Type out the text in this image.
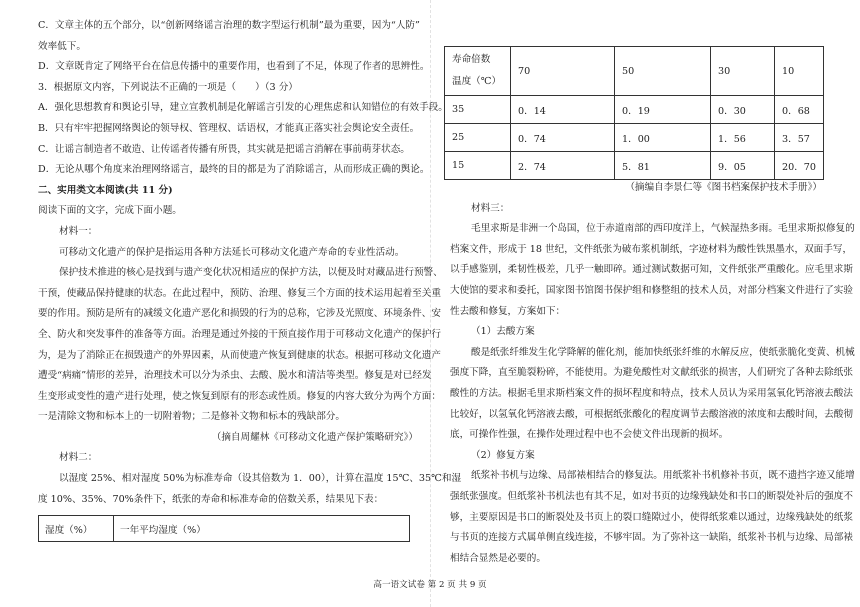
C．文章主体的五个部分，以“创新网络谣言治理的数字型运行机制”最为重要，因为“人防”
效率低下。
D．文章既肯定了网络平台在信息传播中的重要作用，也看到了不足，体现了作者的思辨性。
3．根据原文内容，下列说法不正确的一项是（　　）（3 分）
A．强化思想教育和舆论引导，建立宣教机制是化解谣言引发的心理焦虑和认知错位的有效手段。
B．只有牢牢把握网络舆论的领导权、管理权、话语权，才能真正落实社会舆论安全责任。
C．让谣言制造者不敢造、让传谣者传播有所畏，其实就是把谣言消解在事前萌芽状态。
D．无论从哪个角度来治理网络谣言，最终的目的都是为了消除谣言，从而形成正确的舆论。
二、实用类文本阅读(共 11 分)
阅读下面的文字，完成下面小题。
材料一：
可移动文化遗产的保护是指运用各种方法延长可移动文化遗产寿命的专业性活动。
保护技术推进的核心是找到与遗产变化状况相适应的保护方法，以便及时对藏品进行预警、
干预，使藏品保持健康的状态。在此过程中，预防、治理、修复三个方面的技术运用起着至关重
要的作用。预防是所有的减缓文化遗产恶化和损毁的行为的总称，它涉及光照度、环境条件、安
全、防火和突发事件的准备等方面。治理是通过外接的干预直接作用于可移动文化遗产的保护行
为，是为了消除正在损毁遗产的外界因素，从而使遗产恢复到健康的状态。根据可移动文化遗产
遭受“病痛”情形的差异，治理技术可以分为杀虫、去酸、脱水和清洁等类型。修复是对已经发
生变形或变性的遗产进行处理，使之恢复到原有的形态或性质。修复的内容大致分为两个方面：
一是清除文物和标本上的一切附着物；二是修补文物和标本的残缺部分。
（摘自周耀林《可移动文化遗产保护策略研究》）
材料二：
以湿度 25%、相对湿度 50%为标准寿命（设其倍数为 1．00），计算在温度 15℃、35℃和湿
度 10%、35%、70%条件下，纸张的寿命和标准寿命的倍数关系，结果见下表：
湿度（%）	一年平均湿度（%）
寿命倍数
温度（℃）	70	50	30	10
35	0．14	0．19	0．30	0．68
25	0．74	1．00	1．56	3．57
15	2．74	5．81	9．05	20．70
（摘编自李景仁等《图书档案保护技术手册》）
材料三：
毛里求斯是非洲一个岛国，位于赤道南部的西印度洋上，气候湿热多雨。毛里求斯拟修复的
档案文件，形成于 18 世纪，文件纸张为破布浆机制纸，字迹材料为酸性铁黑墨水，双面手写，
以手感鉴别，柔韧性极差，几乎一触即碎。通过测试数据可知，文件纸张严重酸化。应毛里求斯
大使馆的要求和委托，国家图书馆图书保护组和修整组的技术人员，对部分档案文件进行了实验
性去酸和修复，方案如下：
（1）去酸方案
酸是纸张纤维发生化学降解的催化剂，能加快纸张纤维的水解反应，使纸张脆化变黄、机械
强度下降，直至脆裂粉碎，不能使用。为避免酸性对文献纸张的损害，人们研究了各种去除纸张
酸性的方法。根据毛里求斯档案文件的损坏程度和特点，技术人员认为采用氢氧化钙溶液去酸法
比较好，以氢氧化钙溶液去酸，可根据纸张酸化的程度调节去酸溶液的浓度和去酸时间，去酸彻
底，可操作性强，在操作处理过程中也不会使文件出现新的损坏。
（2）修复方案
纸浆补书机与边缘、局部裱相结合的修复法。用纸浆补书机修补书页，既不遗挡字迹又能增
强纸张强度。但纸浆补书机法也有其不足，如对书页的边缘残缺处和书口的断裂处补后的强度不
够，主要原因是书口的断裂处及书页上的裂口缝隙过小，使得纸浆难以通过，边缘残缺处的纸浆
与书页的连接方式属单侧直线连接，不够牢固。为了弥补这一缺陷，纸浆补书机与边缘、局部裱
相结合显然是必要的。
高一语文试卷 第 2 页 共 9 页
